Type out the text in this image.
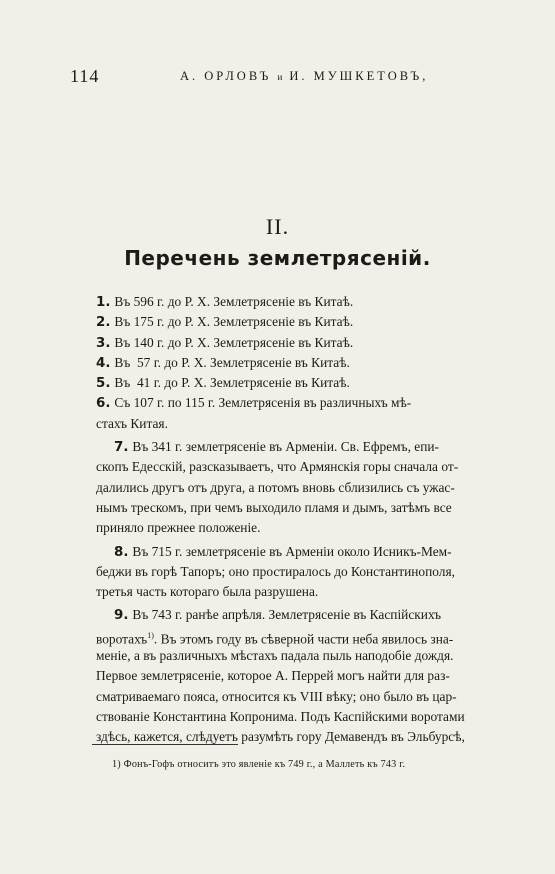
114	А. ОРЛОВЪ и И. МУШКЕТОВЪ,
II.
Перечень землетрясеній.
1. Въ 596 г. до Р. Х. Землетрясеніе въ Китаѣ.
2. Въ 175 г. до Р. Х. Землетрясеніе въ Китаѣ.
3. Въ 140 г. до Р. Х. Землетрясеніе въ Китаѣ.
4. Въ  57 г. до Р. Х. Землетрясеніе въ Китаѣ.
5. Въ  41 г. до Р. Х. Землетрясеніе въ Китаѣ.
6. Съ 107 г. по 115 г. Землетрясенія въ различныхъ мѣ-
стахъ Китая.
7. Въ 341 г. землетрясеніе въ Арменіи. Св. Ефремъ, епи-
скопъ Едесскій, разсказываетъ, что Армянскія горы сначала от-
далились другъ отъ друга, а потомъ вновь сблизились съ ужас-
нымъ трескомъ, при чемъ выходило пламя и дымъ, затѣмъ все
приняло прежнее положеніе.
8. Въ 715 г. землетрясеніе въ Арменіи около Исникъ-Мем-
беджи въ горѣ Тапоръ; оно простиралось до Константинополя,
третья часть котораго была разрушена.
9. Въ 743 г. ранѣе апрѣля. Землетрясеніе въ Каспійскихъ
воротахъ$^{1)}$. Въ этомъ году въ сѣверной части неба явилось зна-
меніе, а въ различныхъ мѣстахъ падала пыль наподобіе дождя.
Первое землетрясеніе, которое А. Перрей могъ найти для раз-
сматриваемаго пояса, относится къ VIII вѣку; оно было въ цар-
ствованіе Константина Копронима. Подъ Каспійскими воротами
здѣсь, кажется, слѣдуетъ разумѣть гору Демавендъ въ Эльбурсѣ,
1) Фонъ-Гофъ относитъ это явленіе къ 749 г., а Маллеть къ 743 г.
